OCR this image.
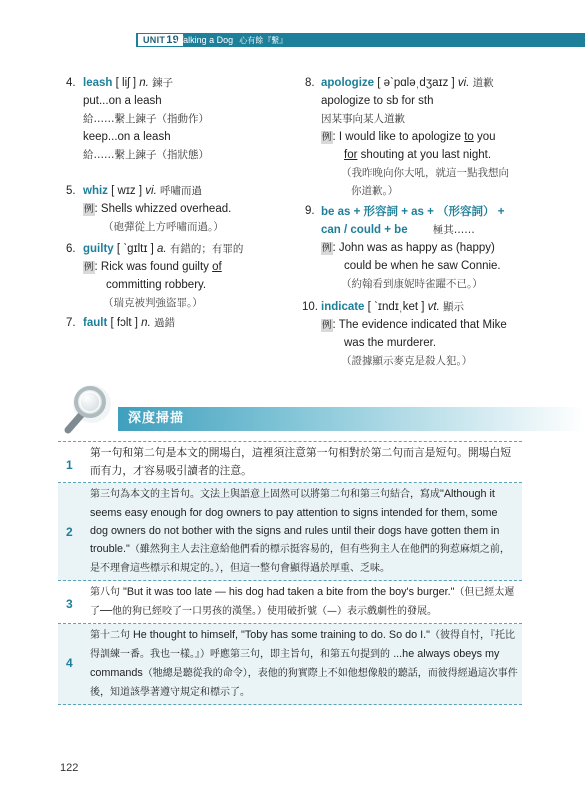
UNIT19
Walking a Dog 心有餘『繫』
4. leash [ liʃ ] n. 鍊子
put...on a leash
給……繫上鍊子（指動作）
keep...on a leash
給……繫上鍊子（指狀態）
5. whiz [ wɪz ] vi. 呼嘯而過
例: Shells whizzed overhead.
（砲彈從上方呼嘯而過。）
6. guilty [ ˋgɪltɪ ] a. 有錯的；有罪的
例: Rick was found guilty of
committing robbery.
（瑞克被判強盜罪。）
7. fault [ fɔlt ] n. 過錯
8. apologize [ əˋpɑləˌdʒaɪz ] vi. 道歉
apologize to sb for sth
因某事向某人道歉
例: I would like to apologize to you
for shouting at you last night.
（我昨晚向你大吼，就這一點我想向
你道歉。）
9. be as + 形容詞 + as + （形容詞） +
can / could + be 極其……
例: John was as happy as (happy)
could be when he saw Connie.
（約翰看到康妮時雀躍不已。）
10. indicate [ ˋɪndɪˌket ] vt. 顯示
例: The evidence indicated that Mike
was the murderer.
（證據顯示麥克是殺人犯。）
深度掃描
1
第一句和第二句是本文的開場白，這裡須注意第一句相對於第二句而言是短句。開場白短而有力，才容易吸引讀者的注意。
2
第三句為本文的主旨句。文法上與語意上固然可以將第二句和第三句結合，寫成"Although it seems easy enough for dog owners to pay attention to signs intended for them, some dog owners do not bother with the signs and rules until their dogs have gotten them in trouble."（雖然狗主人去注意給他們看的標示挺容易的，但有些狗主人在他們的狗惹麻煩之前，是不理會這些標示和規定的。），但這一整句會顯得過於厚重、乏味。
3
第八句 "But it was too late — his dog had taken a bite from the boy's burger."（但已經太遲了──他的狗已經咬了一口男孩的漢堡。）使用破折號（—）表示戲劇性的發展。
4
第十二句 He thought to himself, "Toby has some training to do. So do I."（彼得自忖，『托比得訓練一番。我也一樣。』）呼應第三句，即主旨句，和第五句提到的 ...he always obeys my commands（牠總是聽從我的命令），表他的狗實際上不如他想像般的聽話，而彼得經過這次事件後，知道該學著遵守規定和標示了。
122
